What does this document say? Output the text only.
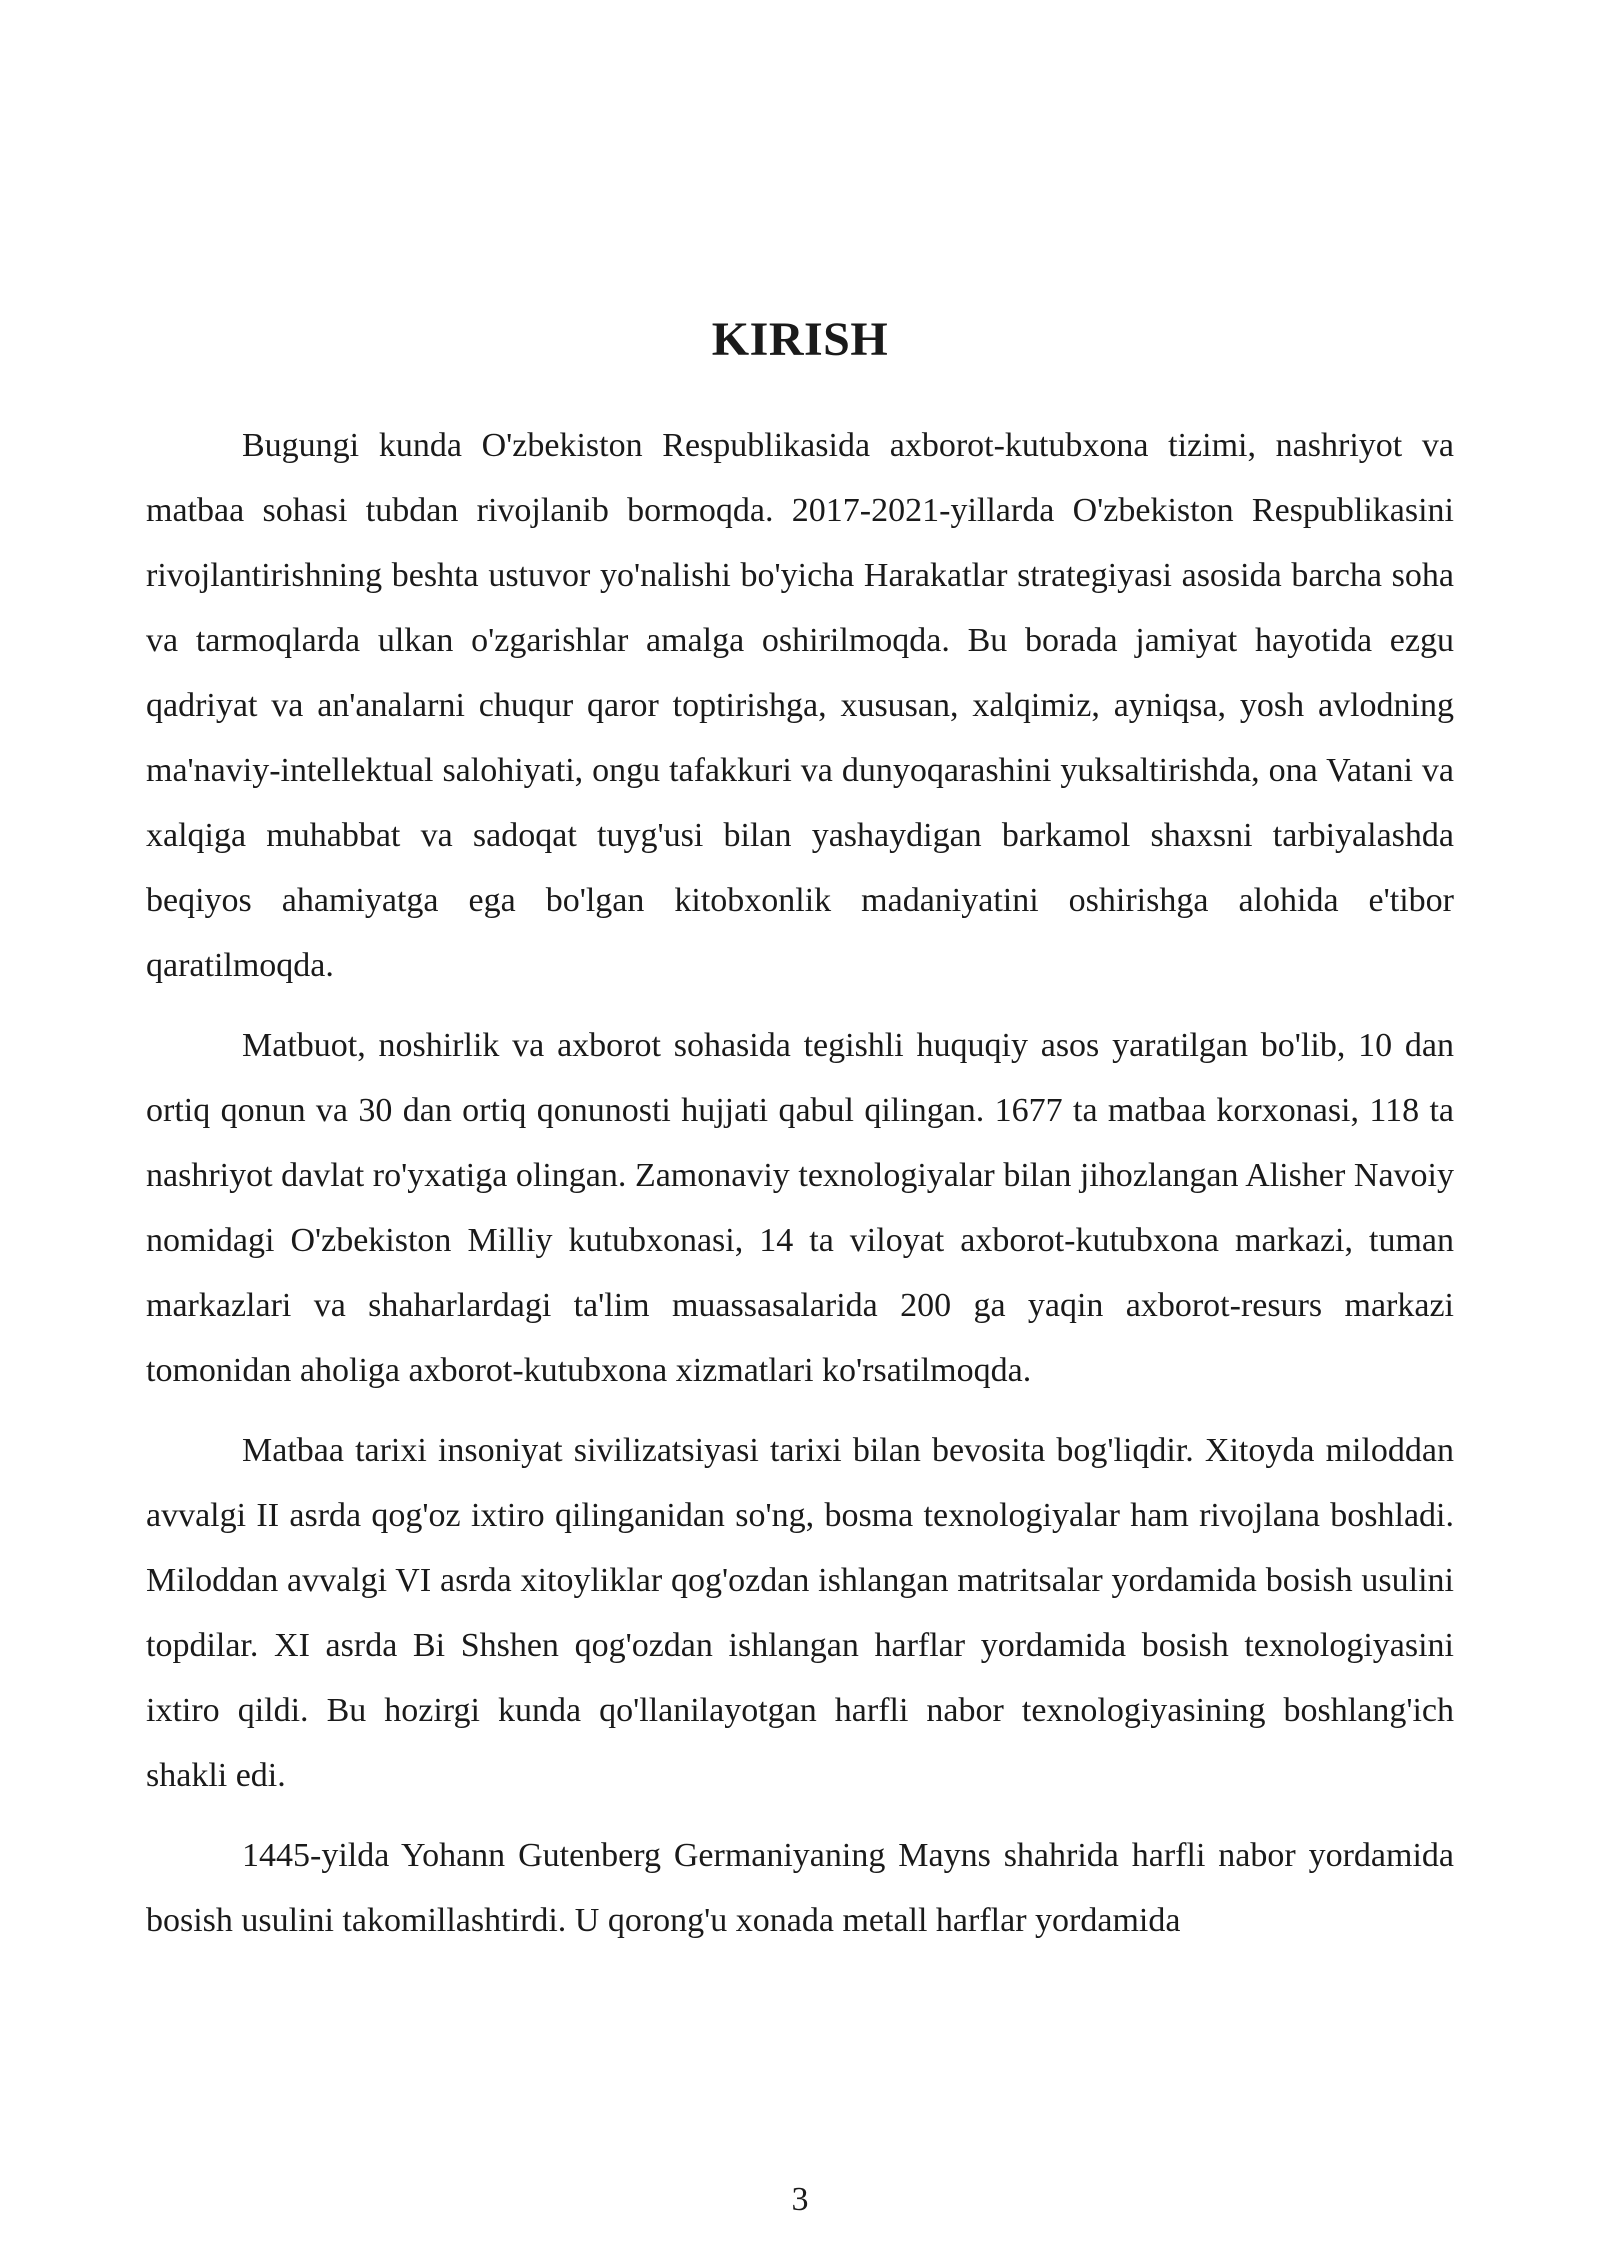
KIRISH

Bugungi kunda O'zbekiston Respublikasida axborot-kutubxona tizimi, nashriyot va matbaa sohasi tubdan rivojlanib bormoqda. 2017-2021-yillarda O'zbekiston Respublikasini rivojlantirishning beshta ustuvor yo'nalishi bo'yicha Harakatlar strategiyasi asosida barcha soha va tarmoqlarda ulkan o'zgarishlar amalga oshirilmoqda. Bu borada jamiyat hayotida ezgu qadriyat va an'analarni chuqur qaror toptirishga, xususan, xalqimiz, ayniqsa, yosh avlodning ma'naviy-intellektual salohiyati, ongu tafakkuri va dunyoqarashini yuksaltirishda, ona Vatani va xalqiga muhabbat va sadoqat tuyg'usi bilan yashaydigan barkamol shaxsni tarbiyalashda beqiyos ahamiyatga ega bo'lgan kitobxonlik madaniyatini oshirishga alohida e'tibor qaratilmoqda.

Matbuot, noshirlik va axborot sohasida tegishli huquqiy asos yaratilgan bo'lib, 10 dan ortiq qonun va 30 dan ortiq qonunosti hujjati qabul qilingan. 1677 ta matbaa korxonasi, 118 ta nashriyot davlat ro'yxatiga olingan. Zamonaviy texnologiyalar bilan jihozlangan Alisher Navoiy nomidagi O'zbekiston Milliy kutubxonasi, 14 ta viloyat axborot-kutubxona markazi, tuman markazlari va shaharlardagi ta'lim muassasalarida 200 ga yaqin axborot-resurs markazi tomonidan aholiga axborot-kutubxona xizmatlari ko'rsatilmoqda.

Matbaa tarixi insoniyat sivilizatsiyasi tarixi bilan bevosita bog'liqdir. Xitoyda miloddan avvalgi II asrda qog'oz ixtiro qilinganidan so'ng, bosma texnologiyalar ham rivojlana boshladi. Miloddan avvalgi VI asrda xitoyliklar qog'ozdan ishlangan matritsalar yordamida bosish usulini topdilar. XI asrda Bi Shshen qog'ozdan ishlangan harflar yordamida bosish texnologiyasini ixtiro qildi. Bu hozirgi kunda qo'llanilayotgan harfli nabor texnologiyasining boshlang'ich shakli edi.

1445-yilda Yohann Gutenberg Germaniyaning Mayns shahrida harfli nabor yordamida bosish usulini takomillashtirdi. U qorong'u xonada metall harflar yordamida

3
